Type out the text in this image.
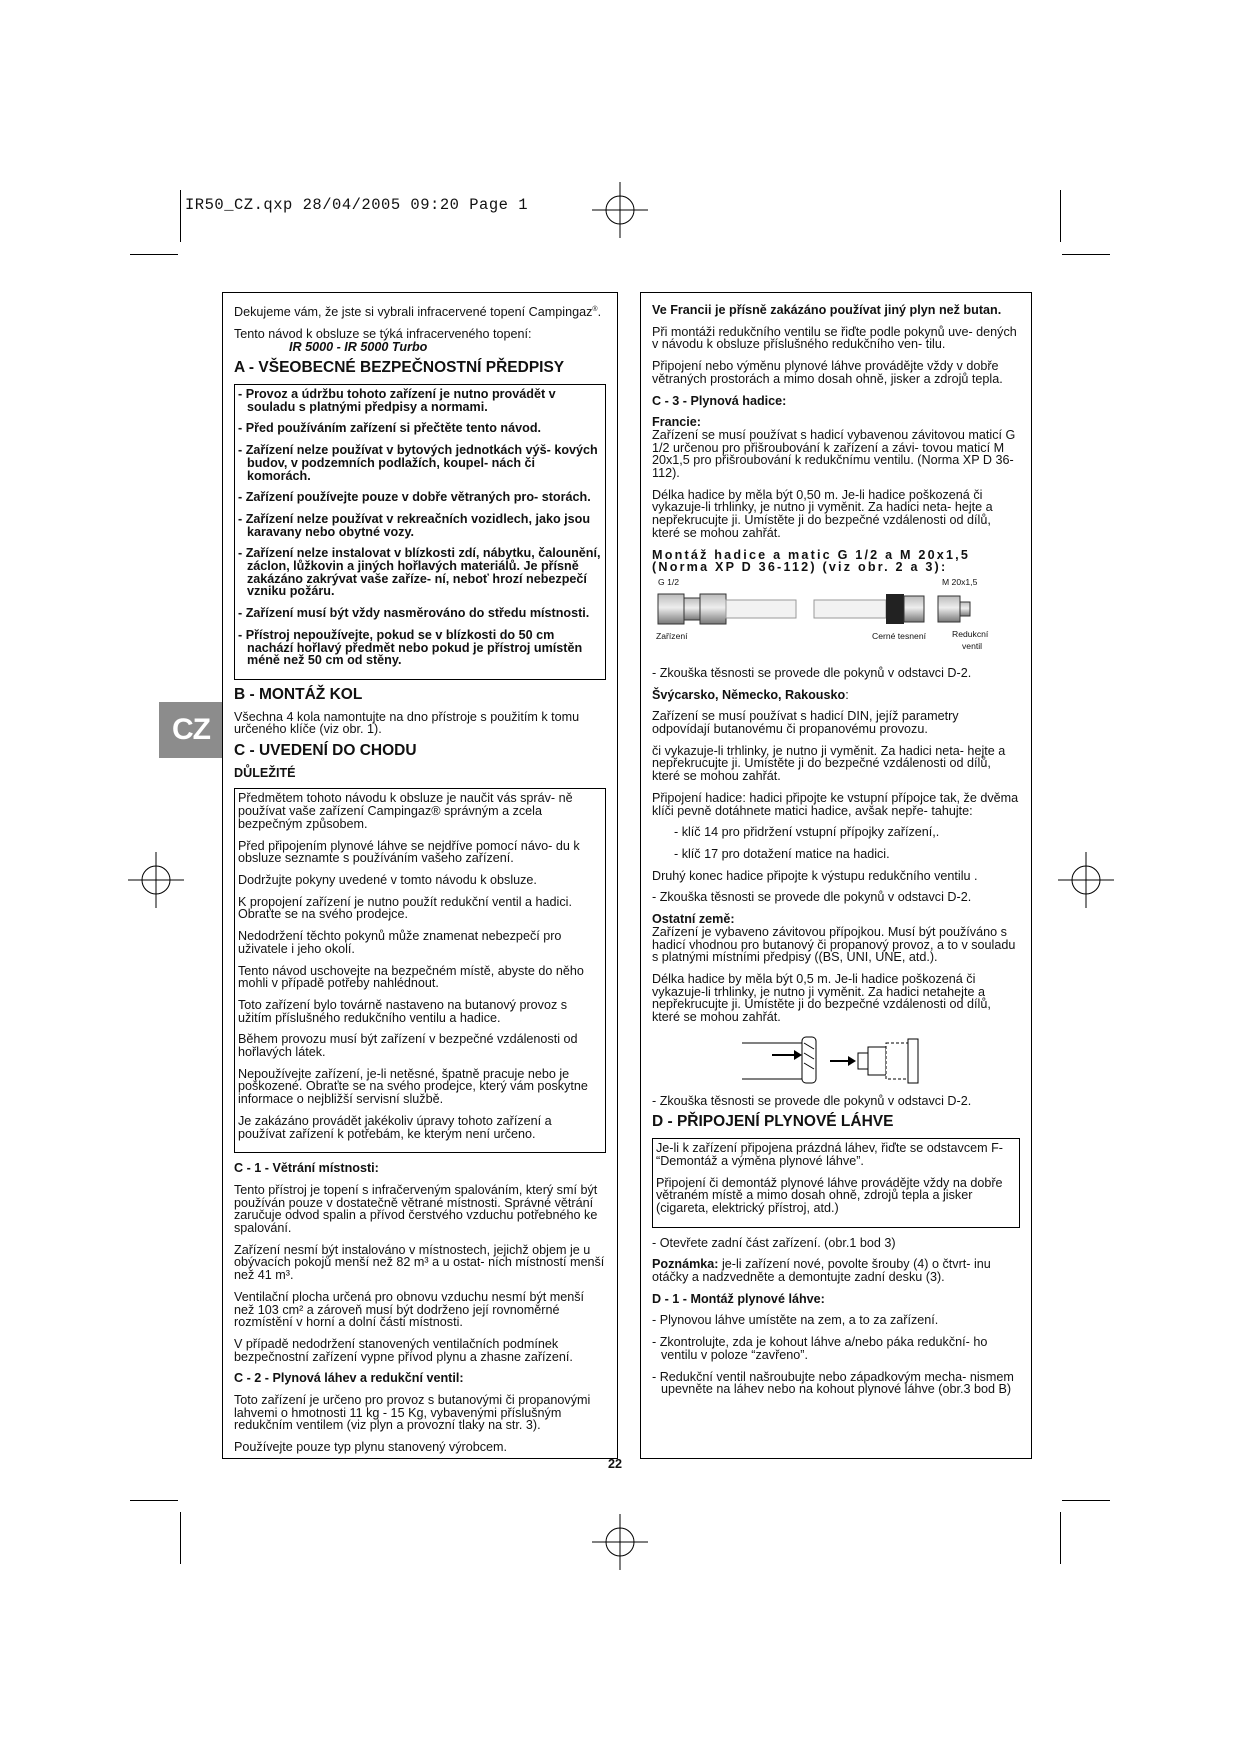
IR50_CZ.qxp 28/04/2005 09:20 Page 1
CZ

Dekujeme vám, že jste si vybrali infracervené topení Campingaz®.

Tento návod k obsluze se týká infracerveného topení:

IR 5000 - IR 5000 Turbo

A - VŠEOBECNÉ BEZPEČNOSTNÍ PŘEDPISY

- Provoz a údržbu tohoto zařízení je nutno provádět v souladu s platnými předpisy a normami.

- Před používáním zařízení si přečtěte tento návod.

- Zařízení nelze používat v bytových jednotkách výš- kových budov, v podzemních podlažích, koupel- nách či komorách.

- Zařízení používejte pouze v dobře větraných pro- storách.

- Zařízení nelze používat v rekreačních vozidlech, jako jsou karavany nebo obytné vozy.

- Zařízení nelze instalovat v blízkosti zdí, nábytku, čalounění, záclon, lůžkovin a jiných hořlavých materiálů. Je přísně zakázáno zakrývat vaše zaříze- ní, neboť hrozí nebezpečí vzniku požáru.

- Zařízení musí být vždy nasměrováno do středu místnosti.

- Přístroj nepoužívejte, pokud se v blízkosti do 50 cm nachází hořlavý předmět nebo pokud je přístroj umístěn méně než 50 cm od stěny.

B - MONTÁŽ KOL

Všechna 4 kola namontujte na dno přístroje s použitím k tomu určeného klíče (viz obr. 1).

C - UVEDENÍ DO CHODU

DŮLEŽITÉ

Předmětem tohoto návodu k obsluze je naučit vás správ- ně používat vaše zařízení Campingaz® správným a zcela bezpečným způsobem.

Před připojením plynové láhve se nejdříve pomocí návo- du k obsluze seznamte s používáním vašeho zařízení.

Dodržujte pokyny uvedené v tomto návodu k obsluze.

K propojení zařízení je nutno použít redukční ventil a hadici. Obraťte se na svého prodejce.

Nedodržení těchto pokynů může znamenat nebezpečí pro uživatele i jeho okolí.

Tento návod uschovejte na bezpečném místě, abyste do něho mohli v případě potřeby nahlédnout.

Toto zařízení bylo továrně nastaveno na butanový provoz s užitím příslušného redukčního ventilu a hadice.

Během provozu musí být zařízení v bezpečné vzdálenosti od hořlavých látek.

Nepoužívejte zařízení, je-li netěsné, špatně pracuje nebo je poškozené. Obraťte se na svého prodejce, který vám poskytne informace o nejbližší servisní službě.

Je zakázáno provádět jakékoliv úpravy tohoto zařízení a používat zařízení k potřebám, ke kterým není určeno.

C - 1 - Větrání místnosti:

Tento přístroj je topení s infračerveným spalováním, který smí být používán pouze v dostatečně větrané místnosti. Správné větrání zaručuje odvod spalin a přívod čerstvého vzduchu potřebného ke spalování.

Zařízení nesmí být instalováno v místnostech, jejichž objem je u obývacích pokojů menší než 82 m³ a u ostat- ních místností menší než 41 m³.

Ventilační plocha určená pro obnovu vzduchu nesmí být menší než 103 cm² a zároveň musí být dodrženo její rovnoměrné rozmístění v horní a dolní části místnosti.

V případě nedodržení stanovených ventilačních podmínek bezpečnostní zařízení vypne přívod plynu a zhasne zařízení.

C - 2 - Plynová láhev a redukční ventil:

Toto zařízení je určeno pro provoz s butanovými či propanovými lahvemi o hmotnosti 11 kg - 15 Kg, vybavenými příslušným redukčním ventilem (viz plyn a provozní tlaky na str. 3).

Používejte pouze typ plynu stanovený výrobcem.

Ve Francii je přísně zakázáno používat jiný plyn než butan.

Při montáži redukčního ventilu se řiďte podle pokynů uve- dených v návodu k obsluze příslušného redukčního ven- tilu.

Připojení nebo výměnu plynové láhve provádějte vždy v dobře větraných prostorách a mimo dosah ohně, jisker a zdrojů tepla.

C - 3 - Plynová hadice:

Francie:

Zařízení se musí používat s hadicí vybavenou závitovou maticí G 1/2 určenou pro přišroubování k zařízení a závi- tovou maticí M 20x1,5 pro přišroubování k redukčnímu ventilu. (Norma XP D 36-112).

Délka hadice by měla být 0,50 m. Je-li hadice poškozená či vykazuje-li trhlinky, je nutno ji vyměnit. Za hadici neta- hejte a nepřekrucujte ji. Umístěte ji do bezpečné vzdálenosti od dílů, které se mohou zahřát.

Montáž hadice a matic G 1/2 a M 20x1,5 (Norma XP D 36-112) (viz obr. 2 a 3):

G 1/2	M 20x1,5
Zařízení	Cerné tesnení	Redukcní
ventil

- Zkouška těsnosti se provede dle pokynů v odstavci D-2.

Švýcarsko, Německo, Rakousko:

Zařízení se musí používat s hadicí DIN, jejíž parametry odpovídají butanovému či propanovému provozu.

či vykazuje-li trhlinky, je nutno ji vyměnit. Za hadici neta- hejte a nepřekrucujte ji. Umístěte ji do bezpečné vzdálenosti od dílů, které se mohou zahřát.

Připojení hadice: hadici připojte ke vstupní přípojce tak, že dvěma klíči pevně dotáhnete matici hadice, avšak nepře- tahujte:

- klíč 14 pro přidržení vstupní přípojky zařízení,.

- klíč 17 pro dotažení matice na hadici.

Druhý konec hadice připojte k výstupu redukčního ventilu .

- Zkouška těsnosti se provede dle pokynů v odstavci D-2.

Ostatní země:

Zařízení je vybaveno závitovou přípojkou. Musí být používáno s hadicí vhodnou pro butanový či propanový provoz, a to v souladu s platnými místními předpisy ((BS, UNI, UNE, atd.).

Délka hadice by měla být 0,5 m. Je-li hadice poškozená či vykazuje-li trhlinky, je nutno ji vyměnit. Za hadici netahejte a nepřekrucujte ji. Umístěte ji do bezpečné vzdálenosti od dílů, které se mohou zahřát.

- Zkouška těsnosti se provede dle pokynů v odstavci D-2.

D - PŘIPOJENÍ PLYNOVÉ LÁHVE

Je-li k zařízení připojena prázdná láhev, řiďte se odstavcem F- “Demontáž a výměna plynové láhve”.

Připojení či demontáž plynové láhve provádějte vždy na dobře větraném místě a mimo dosah ohně, zdrojů tepla a jisker (cigareta, elektrický přístroj, atd.)

- Otevřete zadní část zařízení. (obr.1 bod 3)

Poznámka: je-li zařízení nové, povolte šrouby (4) o čtvrt- inu otáčky a nadzvedněte a demontujte zadní desku (3).

D - 1 - Montáž plynové láhve:

- Plynovou láhve umístěte na zem, a to za zařízení.

- Zkontrolujte, zda je kohout láhve a/nebo páka redukční- ho ventilu v poloze “zavřeno”.

- Redukční ventil našroubujte nebo západkovým mecha- nismem upevněte na láhev nebo na kohout plynové láhve (obr.3 bod B)

22
